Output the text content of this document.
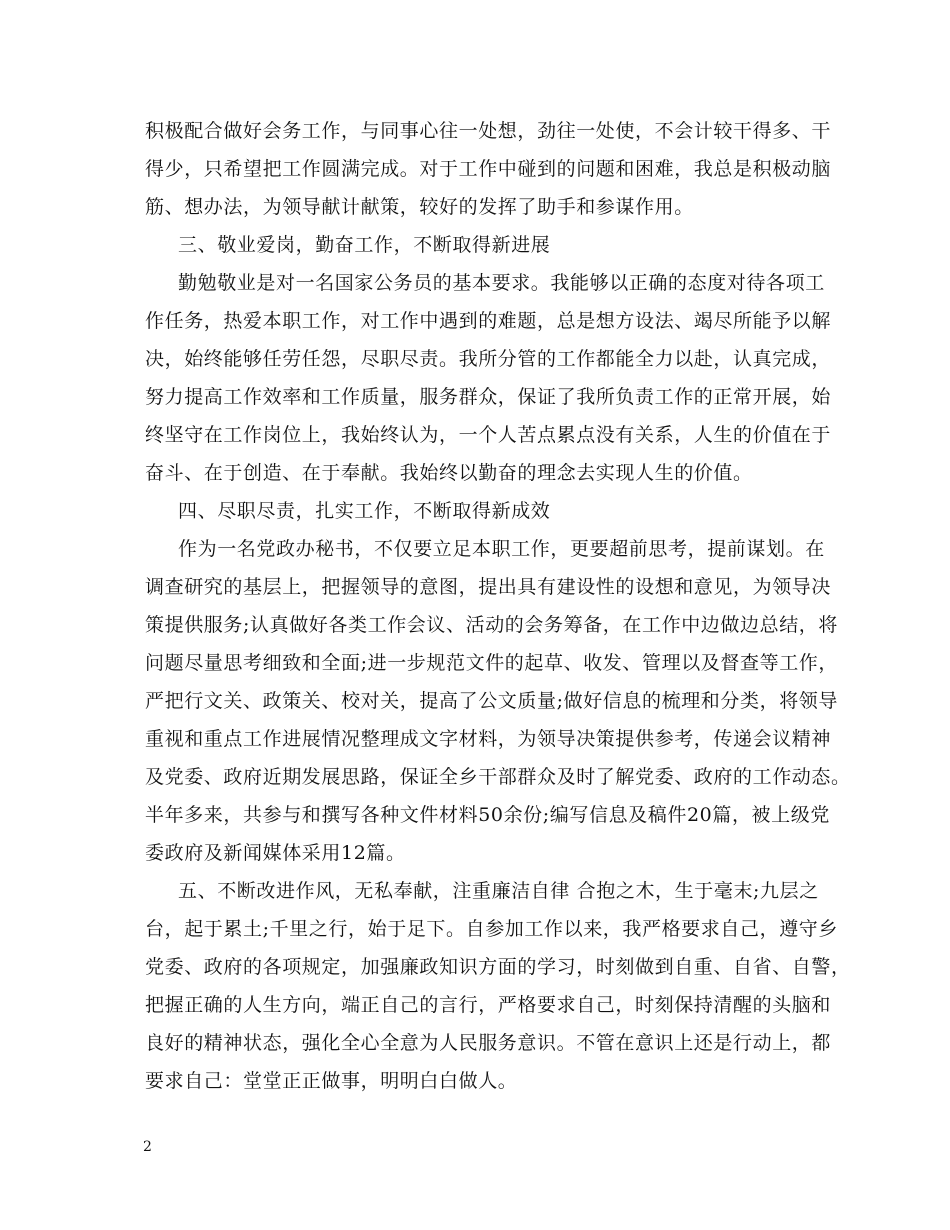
积极配合做好会务工作，与同事心往一处想，劲往一处使，不会计较干得多、干
得少，只希望把工作圆满完成。对于工作中碰到的问题和困难，我总是积极动脑
筋、想办法，为领导献计献策，较好的发挥了助手和参谋作用。
三、敬业爱岗，勤奋工作，不断取得新进展
勤勉敬业是对一名国家公务员的基本要求。我能够以正确的态度对待各项工
作任务，热爱本职工作，对工作中遇到的难题，总是想方设法、竭尽所能予以解
决，始终能够任劳任怨，尽职尽责。我所分管的工作都能全力以赴，认真完成，
努力提高工作效率和工作质量，服务群众，保证了我所负责工作的正常开展，始
终坚守在工作岗位上，我始终认为，一个人苦点累点没有关系，人生的价值在于
奋斗、在于创造、在于奉献。我始终以勤奋的理念去实现人生的价值。
四、尽职尽责，扎实工作，不断取得新成效
作为一名党政办秘书，不仅要立足本职工作，更要超前思考，提前谋划。在
调查研究的基层上，把握领导的意图，提出具有建设性的设想和意见，为领导决
策提供服务;认真做好各类工作会议、活动的会务筹备，在工作中边做边总结，将
问题尽量思考细致和全面;进一步规范文件的起草、收发、管理以及督查等工作，
严把行文关、政策关、校对关，提高了公文质量;做好信息的梳理和分类，将领导
重视和重点工作进展情况整理成文字材料，为领导决策提供参考，传递会议精神
及党委、政府近期发展思路，保证全乡干部群众及时了解党委、政府的工作动态。
半年多来，共参与和撰写各种文件材料50余份;编写信息及稿件20篇，被上级党
委政府及新闻媒体采用12篇。
五、不断改进作风，无私奉献，注重廉洁自律 合抱之木，生于毫末;九层之
台，起于累土;千里之行，始于足下。自参加工作以来，我严格要求自己，遵守乡
党委、政府的各项规定，加强廉政知识方面的学习，时刻做到自重、自省、自警，
把握正确的人生方向，端正自己的言行，严格要求自己，时刻保持清醒的头脑和
良好的精神状态，强化全心全意为人民服务意识。不管在意识上还是行动上，都
要求自己：堂堂正正做事，明明白白做人。
2
